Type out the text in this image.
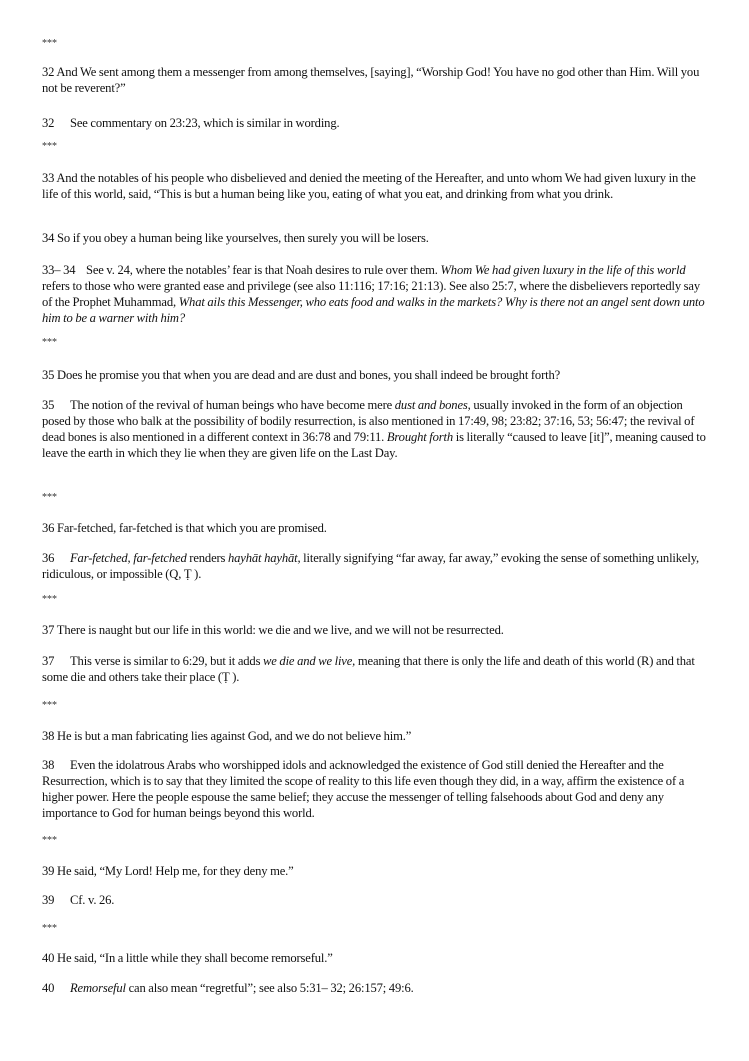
***
32 And We sent among them a messenger from among themselves, [saying], “Worship God! You have no god other than Him. Will you not be reverent?”
32 See commentary on 23:23, which is similar in wording.
***
33 And the notables of his people who disbelieved and denied the meeting of the Hereafter, and unto whom We had given luxury in the life of this world, said, “This is but a human being like you, eating of what you eat, and drinking from what you drink.
34 So if you obey a human being like yourselves, then surely you will be losers.
33– 34 See v. 24, where the notables’ fear is that Noah desires to rule over them. Whom We had given luxury in the life of this world refers to those who were granted ease and privilege (see also 11:116; 17:16; 21:13). See also 25:7, where the disbelievers reportedly say of the Prophet Muhammad, What ails this Messenger, who eats food and walks in the markets? Why is there not an angel sent down unto him to be a warner with him?
***
35 Does he promise you that when you are dead and are dust and bones, you shall indeed be brought forth?
35 The notion of the revival of human beings who have become mere dust and bones, usually invoked in the form of an objection posed by those who balk at the possibility of bodily resurrection, is also mentioned in 17:49, 98; 23:82; 37:16, 53; 56:47; the revival of dead bones is also mentioned in a different context in 36:78 and 79:11. Brought forth is literally “caused to leave [it]”, meaning caused to leave the earth in which they lie when they are given life on the Last Day.
***
36 Far-fetched, far-fetched is that which you are promised.
36 Far-fetched, far-fetched renders hayhāt hayhāt, literally signifying “far away, far away,” evoking the sense of something unlikely, ridiculous, or impossible (Q, Ṭ ).
***
37 There is naught but our life in this world: we die and we live, and we will not be resurrected.
37 This verse is similar to 6:29, but it adds we die and we live, meaning that there is only the life and death of this world (R) and that some die and others take their place (Ṭ ).
***
38 He is but a man fabricating lies against God, and we do not believe him.”
38 Even the idolatrous Arabs who worshipped idols and acknowledged the existence of God still denied the Hereafter and the Resurrection, which is to say that they limited the scope of reality to this life even though they did, in a way, affirm the existence of a higher power. Here the people espouse the same belief; they accuse the messenger of telling falsehoods about God and deny any importance to God for human beings beyond this world.
***
39 He said, “My Lord! Help me, for they deny me.”
39 Cf. v. 26.
***
40 He said, “In a little while they shall become remorseful.”
40 Remorseful can also mean “regretful”; see also 5:31– 32; 26:157; 49:6.
